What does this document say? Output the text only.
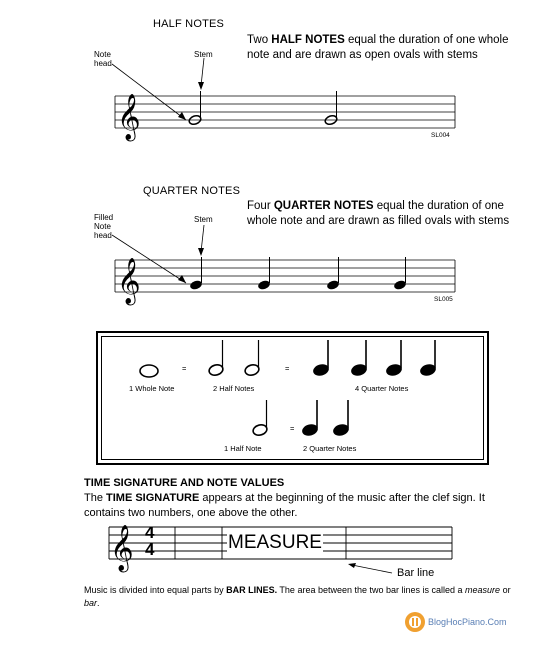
HALF NOTES
Two HALF NOTES equal the duration of one whole note and are drawn as open ovals with stems
Note
head
Stem
𝄞	SL004
QUARTER NOTES
Four QUARTER NOTES equal the duration of one whole note and are drawn as filled ovals with stems
Filled
Note
head
Stem
𝄞	SL005
=	=
=
1 Whole Note	2 Half Notes	4 Quarter Notes
1 Half Note	2 Quarter Notes
TIME SIGNATURE AND NOTE VALUES
The TIME SIGNATURE appears at the beginning of the music after the clef sign. It contains two numbers, one above the other.
𝄞 4
4	MEASURE
Bar line
Music is divided into equal parts by BAR LINES. The area between the two bar lines is called a measure or bar.
BlogHocPiano.Com
